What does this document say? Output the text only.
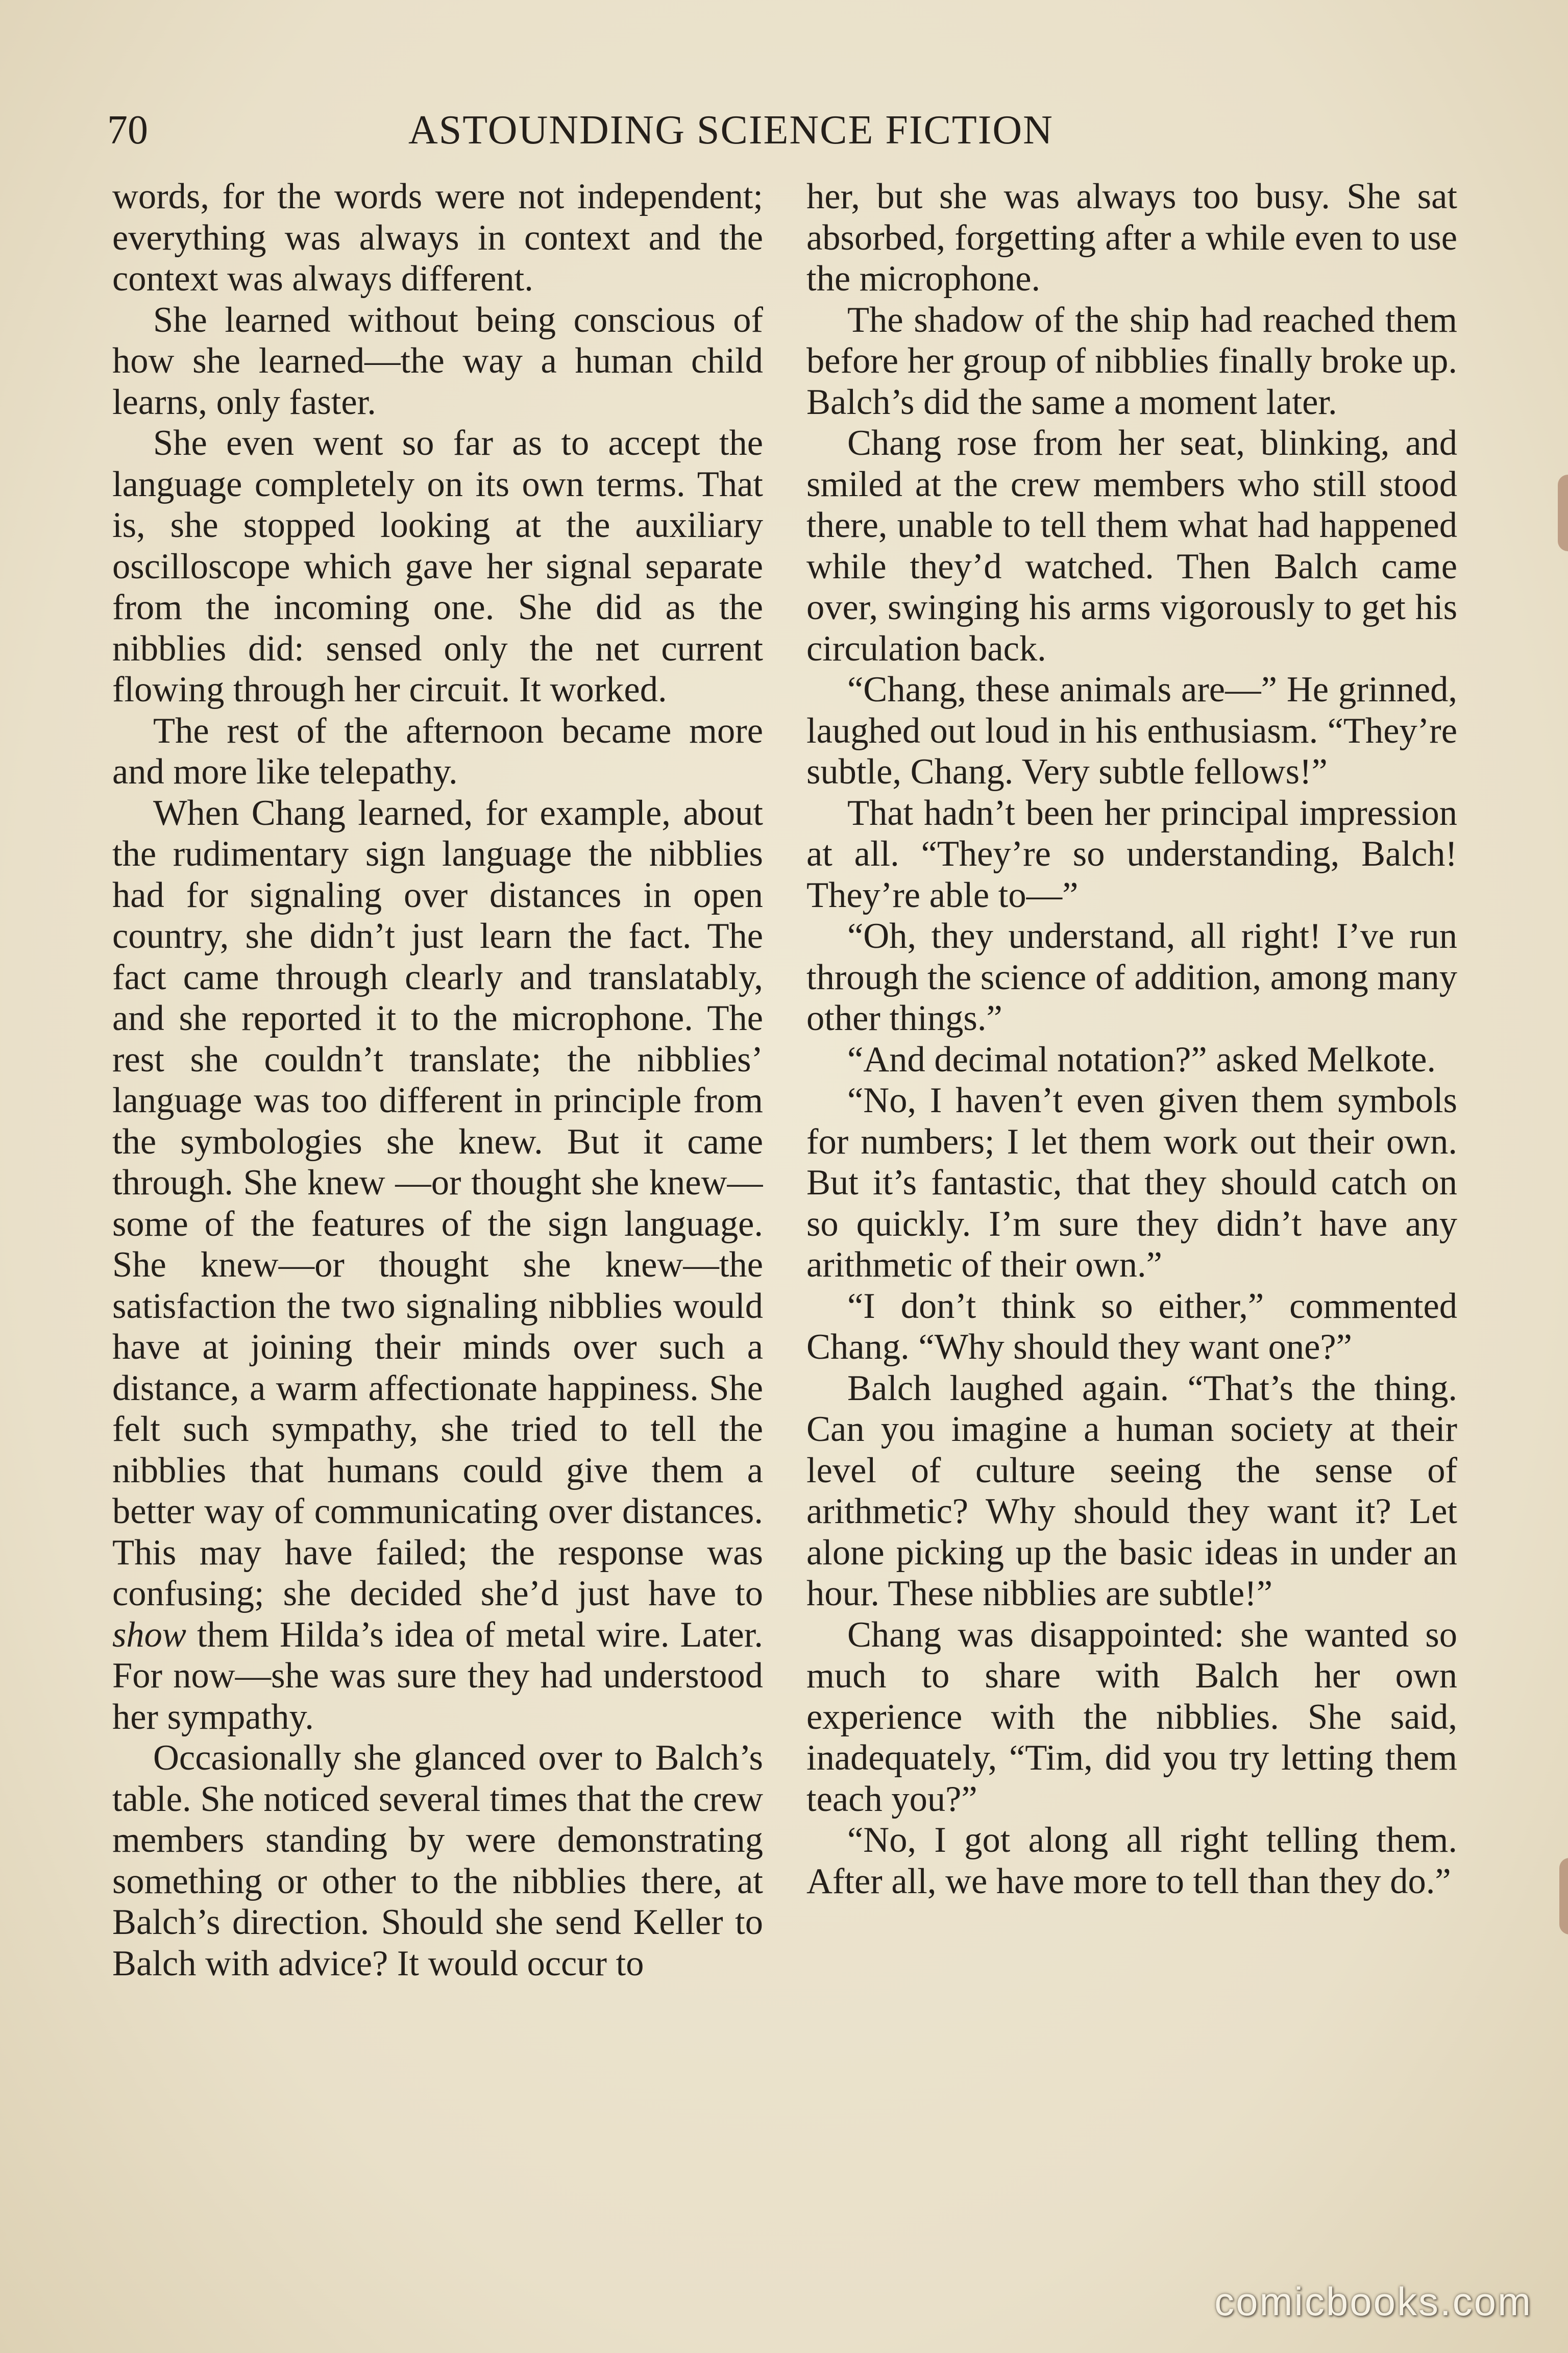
70	ASTOUNDING SCIENCE FICTION

words, for the words were not independent; everything was always in context and the context was always different.

She learned without being conscious of how she learned—the way a human child learns, only faster.

She even went so far as to accept the language completely on its own terms. That is, she stopped looking at the auxiliary oscilloscope which gave her signal separate from the incoming one. She did as the nibblies did: sensed only the net current flowing through her circuit. It worked.

The rest of the afternoon became more and more like telepathy.

When Chang learned, for example, about the rudimentary sign language the nibblies had for signaling over distances in open country, she didn’t just learn the fact. The fact came through clearly and translatably, and she reported it to the microphone. The rest she couldn’t translate; the nibblies’ language was too different in principle from the symbologies she knew. But it came through. She knew —or thought she knew—some of the features of the sign language. She knew—or thought she knew—the satisfaction the two signaling nibblies would have at joining their minds over such a distance, a warm affectionate happiness. She felt such sympathy, she tried to tell the nibblies that humans could give them a better way of communicating over distances. This may have failed; the response was confusing; she decided she’d just have to show them Hilda’s idea of metal wire. Later. For now—she was sure they had understood her sympathy.

Occasionally she glanced over to Balch’s table. She noticed several times that the crew members standing by were demonstrating something or other to the nibblies there, at Balch’s direction. Should she send Keller to Balch with advice? It would occur to

her, but she was always too busy. She sat absorbed, forgetting after a while even to use the microphone.

The shadow of the ship had reached them before her group of nibblies finally broke up. Balch’s did the same a moment later.

Chang rose from her seat, blinking, and smiled at the crew members who still stood there, unable to tell them what had happened while they’d watched. Then Balch came over, swinging his arms vigorously to get his circulation back.

“Chang, these animals are—” He grinned, laughed out loud in his enthusiasm. “They’re subtle, Chang. Very subtle fellows!”

That hadn’t been her principal impression at all. “They’re so understanding, Balch! They’re able to—”

“Oh, they understand, all right! I’ve run through the science of addition, among many other things.”

“And decimal notation?” asked Melkote.

“No, I haven’t even given them symbols for numbers; I let them work out their own. But it’s fantastic, that they should catch on so quickly. I’m sure they didn’t have any arithmetic of their own.”

“I don’t think so either,” commented Chang. “Why should they want one?”

Balch laughed again. “That’s the thing. Can you imagine a human society at their level of culture seeing the sense of arithmetic? Why should they want it? Let alone picking up the basic ideas in under an hour. These nibblies are subtle!”

Chang was disappointed: she wanted so much to share with Balch her own experience with the nibblies. She said, inadequately, “Tim, did you try letting them teach you?”

“No, I got along all right telling them. After all, we have more to tell than they do.”

comicbooks.com
